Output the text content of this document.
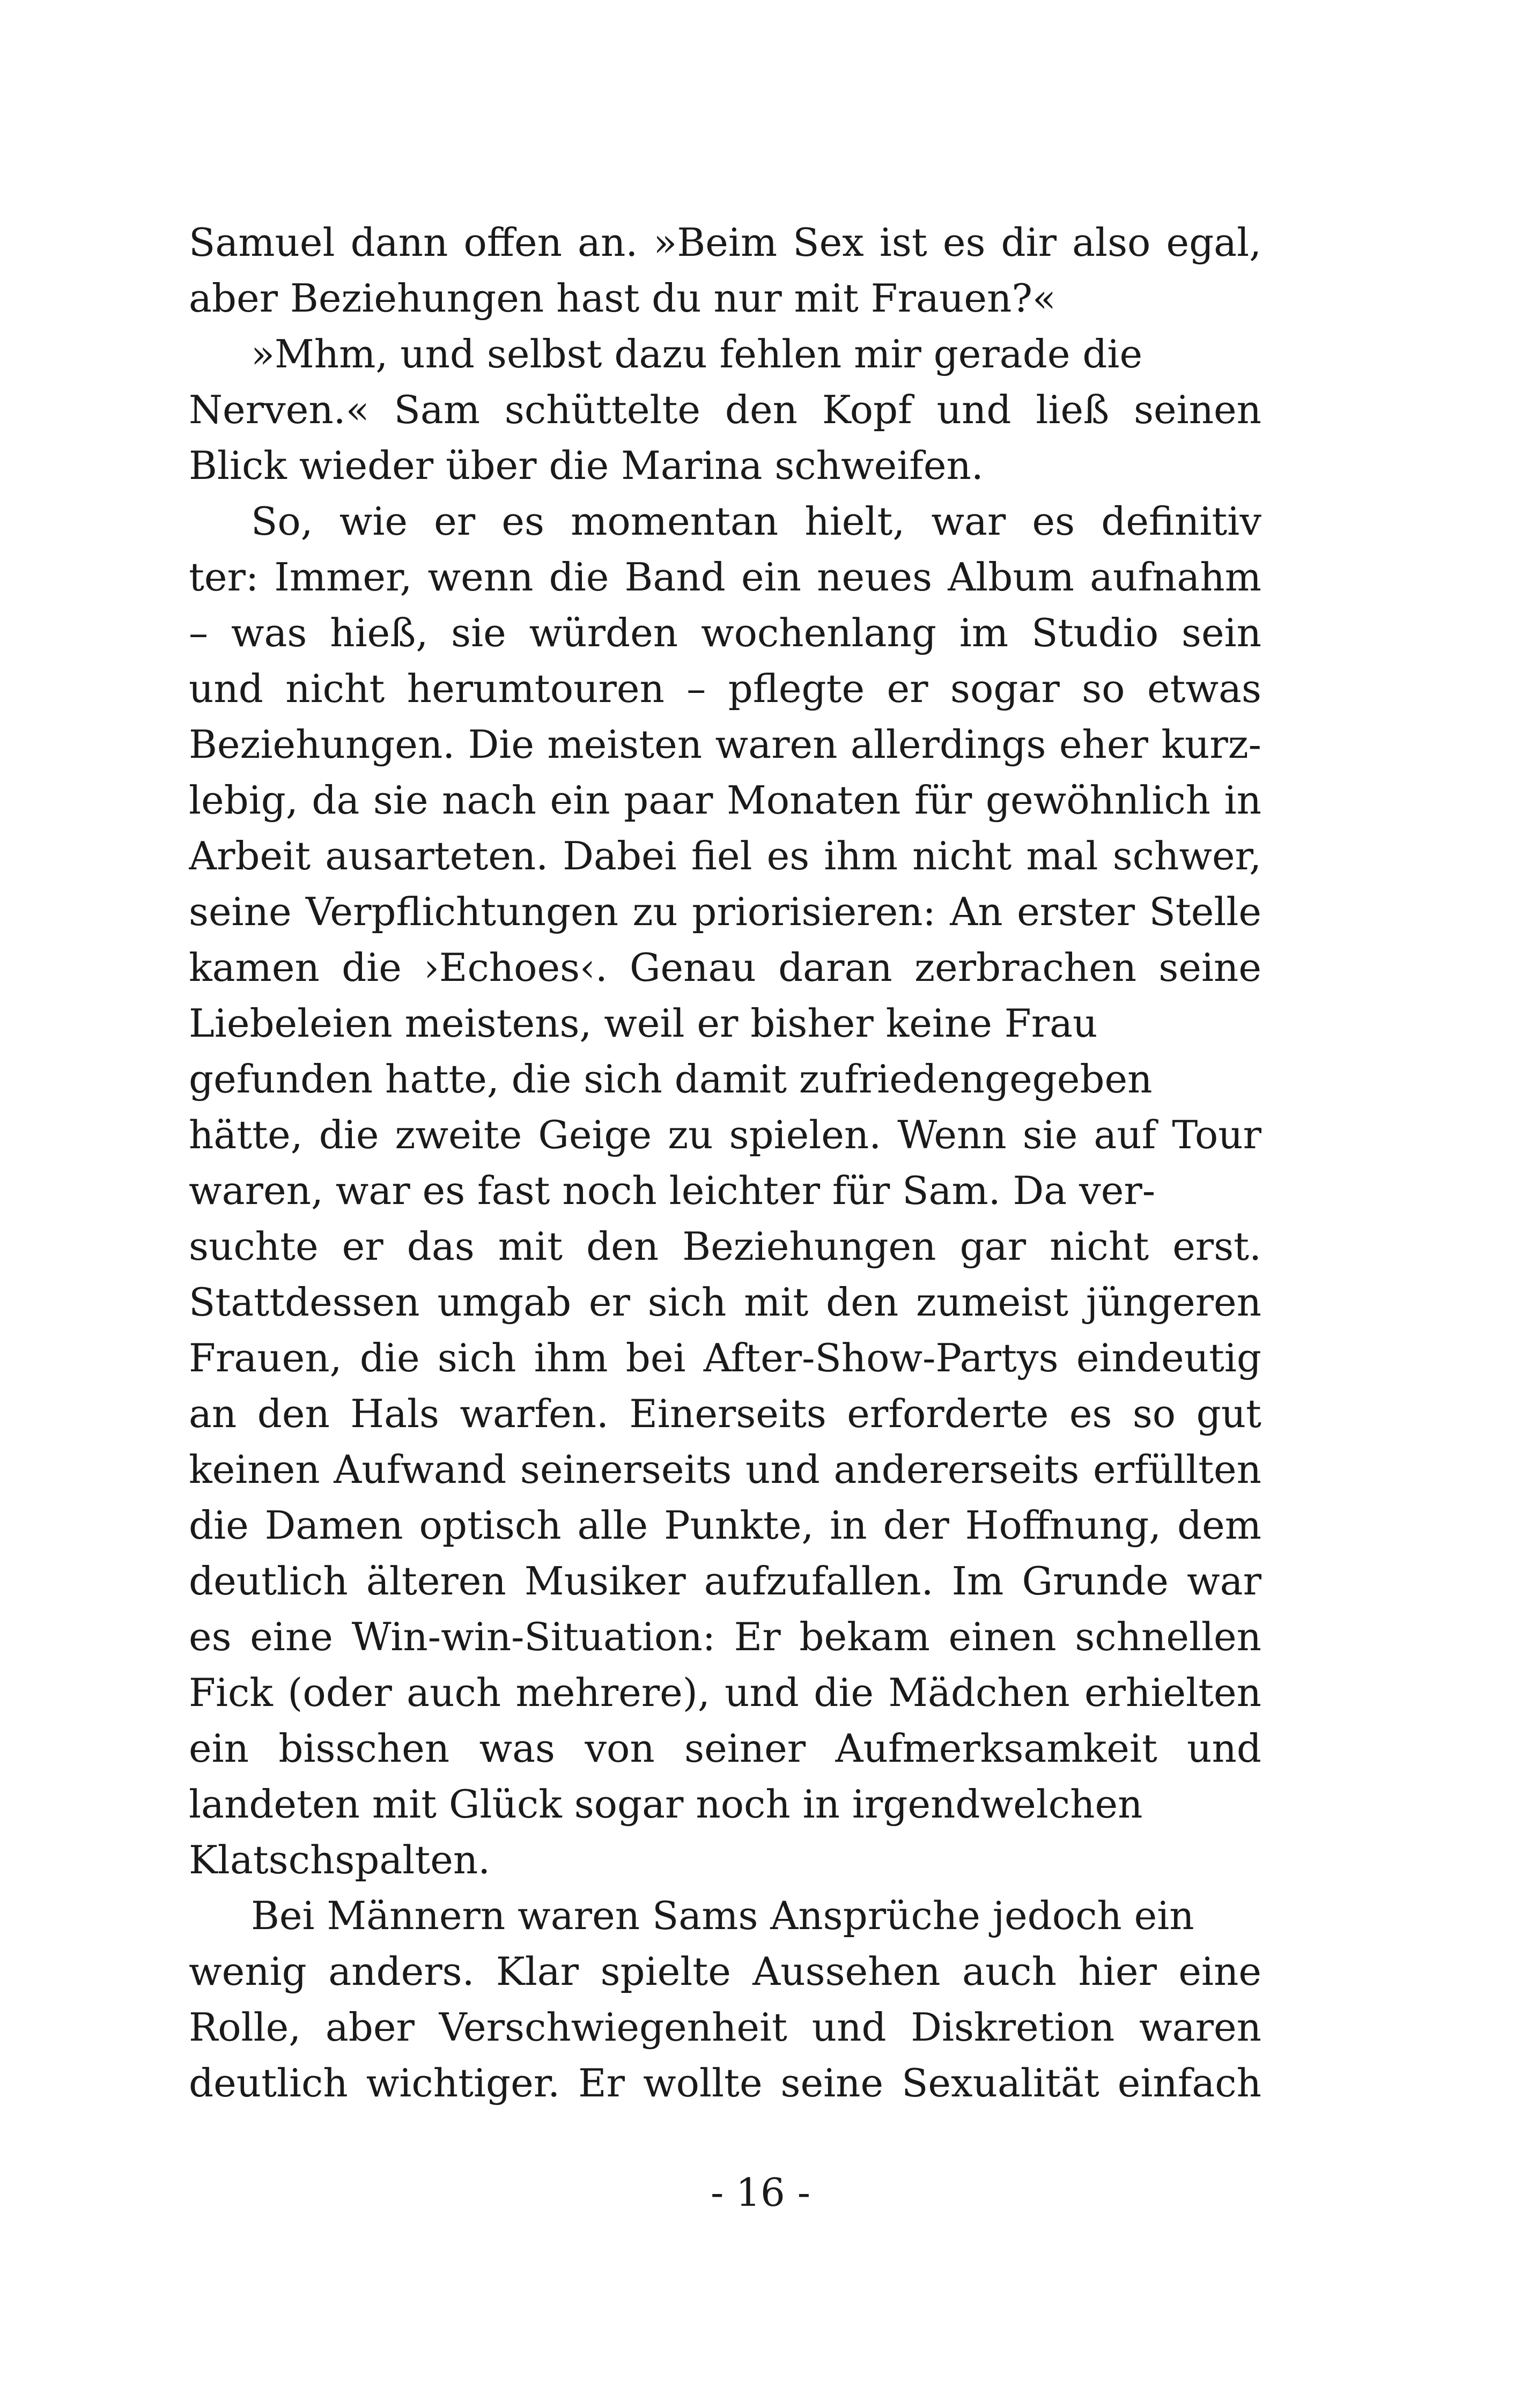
Samuel dann offen an. »Beim Sex ist es dir also egal,
aber Beziehungen hast du nur mit Frauen?«
»Mhm, und selbst dazu fehlen mir gerade die
Nerven.« Sam schüttelte den Kopf und ließ seinen
Blick wieder über die Marina schweifen.
So, wie er es momentan hielt, war es definitiv
ter: Immer, wenn die Band ein neues Album aufnahm
– was hieß, sie würden wochenlang im Studio sein
und nicht herumtouren – pflegte er sogar so etwas
Beziehungen. Die meisten waren allerdings eher kurz-
lebig, da sie nach ein paar Monaten für gewöhnlich in
Arbeit ausarteten. Dabei fiel es ihm nicht mal schwer,
seine Verpflichtungen zu priorisieren: An erster Stelle
kamen die ›Echoes‹. Genau daran zerbrachen seine
Liebeleien meistens, weil er bisher keine Frau
gefunden hatte, die sich damit zufriedengegeben
hätte, die zweite Geige zu spielen. Wenn sie auf Tour
waren, war es fast noch leichter für Sam. Da ver-
suchte er das mit den Beziehungen gar nicht erst.
Stattdessen umgab er sich mit den zumeist jüngeren
Frauen, die sich ihm bei After-Show-Partys eindeutig
an den Hals warfen. Einerseits erforderte es so gut
keinen Aufwand seinerseits und andererseits erfüllten
die Damen optisch alle Punkte, in der Hoffnung, dem
deutlich älteren Musiker aufzufallen. Im Grunde war
es eine Win-win-Situation: Er bekam einen schnellen
Fick (oder auch mehrere), und die Mädchen erhielten
ein bisschen was von seiner Aufmerksamkeit und
landeten mit Glück sogar noch in irgendwelchen
Klatschspalten.
Bei Männern waren Sams Ansprüche jedoch ein
wenig anders. Klar spielte Aussehen auch hier eine
Rolle, aber Verschwiegenheit und Diskretion waren
deutlich wichtiger. Er wollte seine Sexualität einfach
- 16 -
